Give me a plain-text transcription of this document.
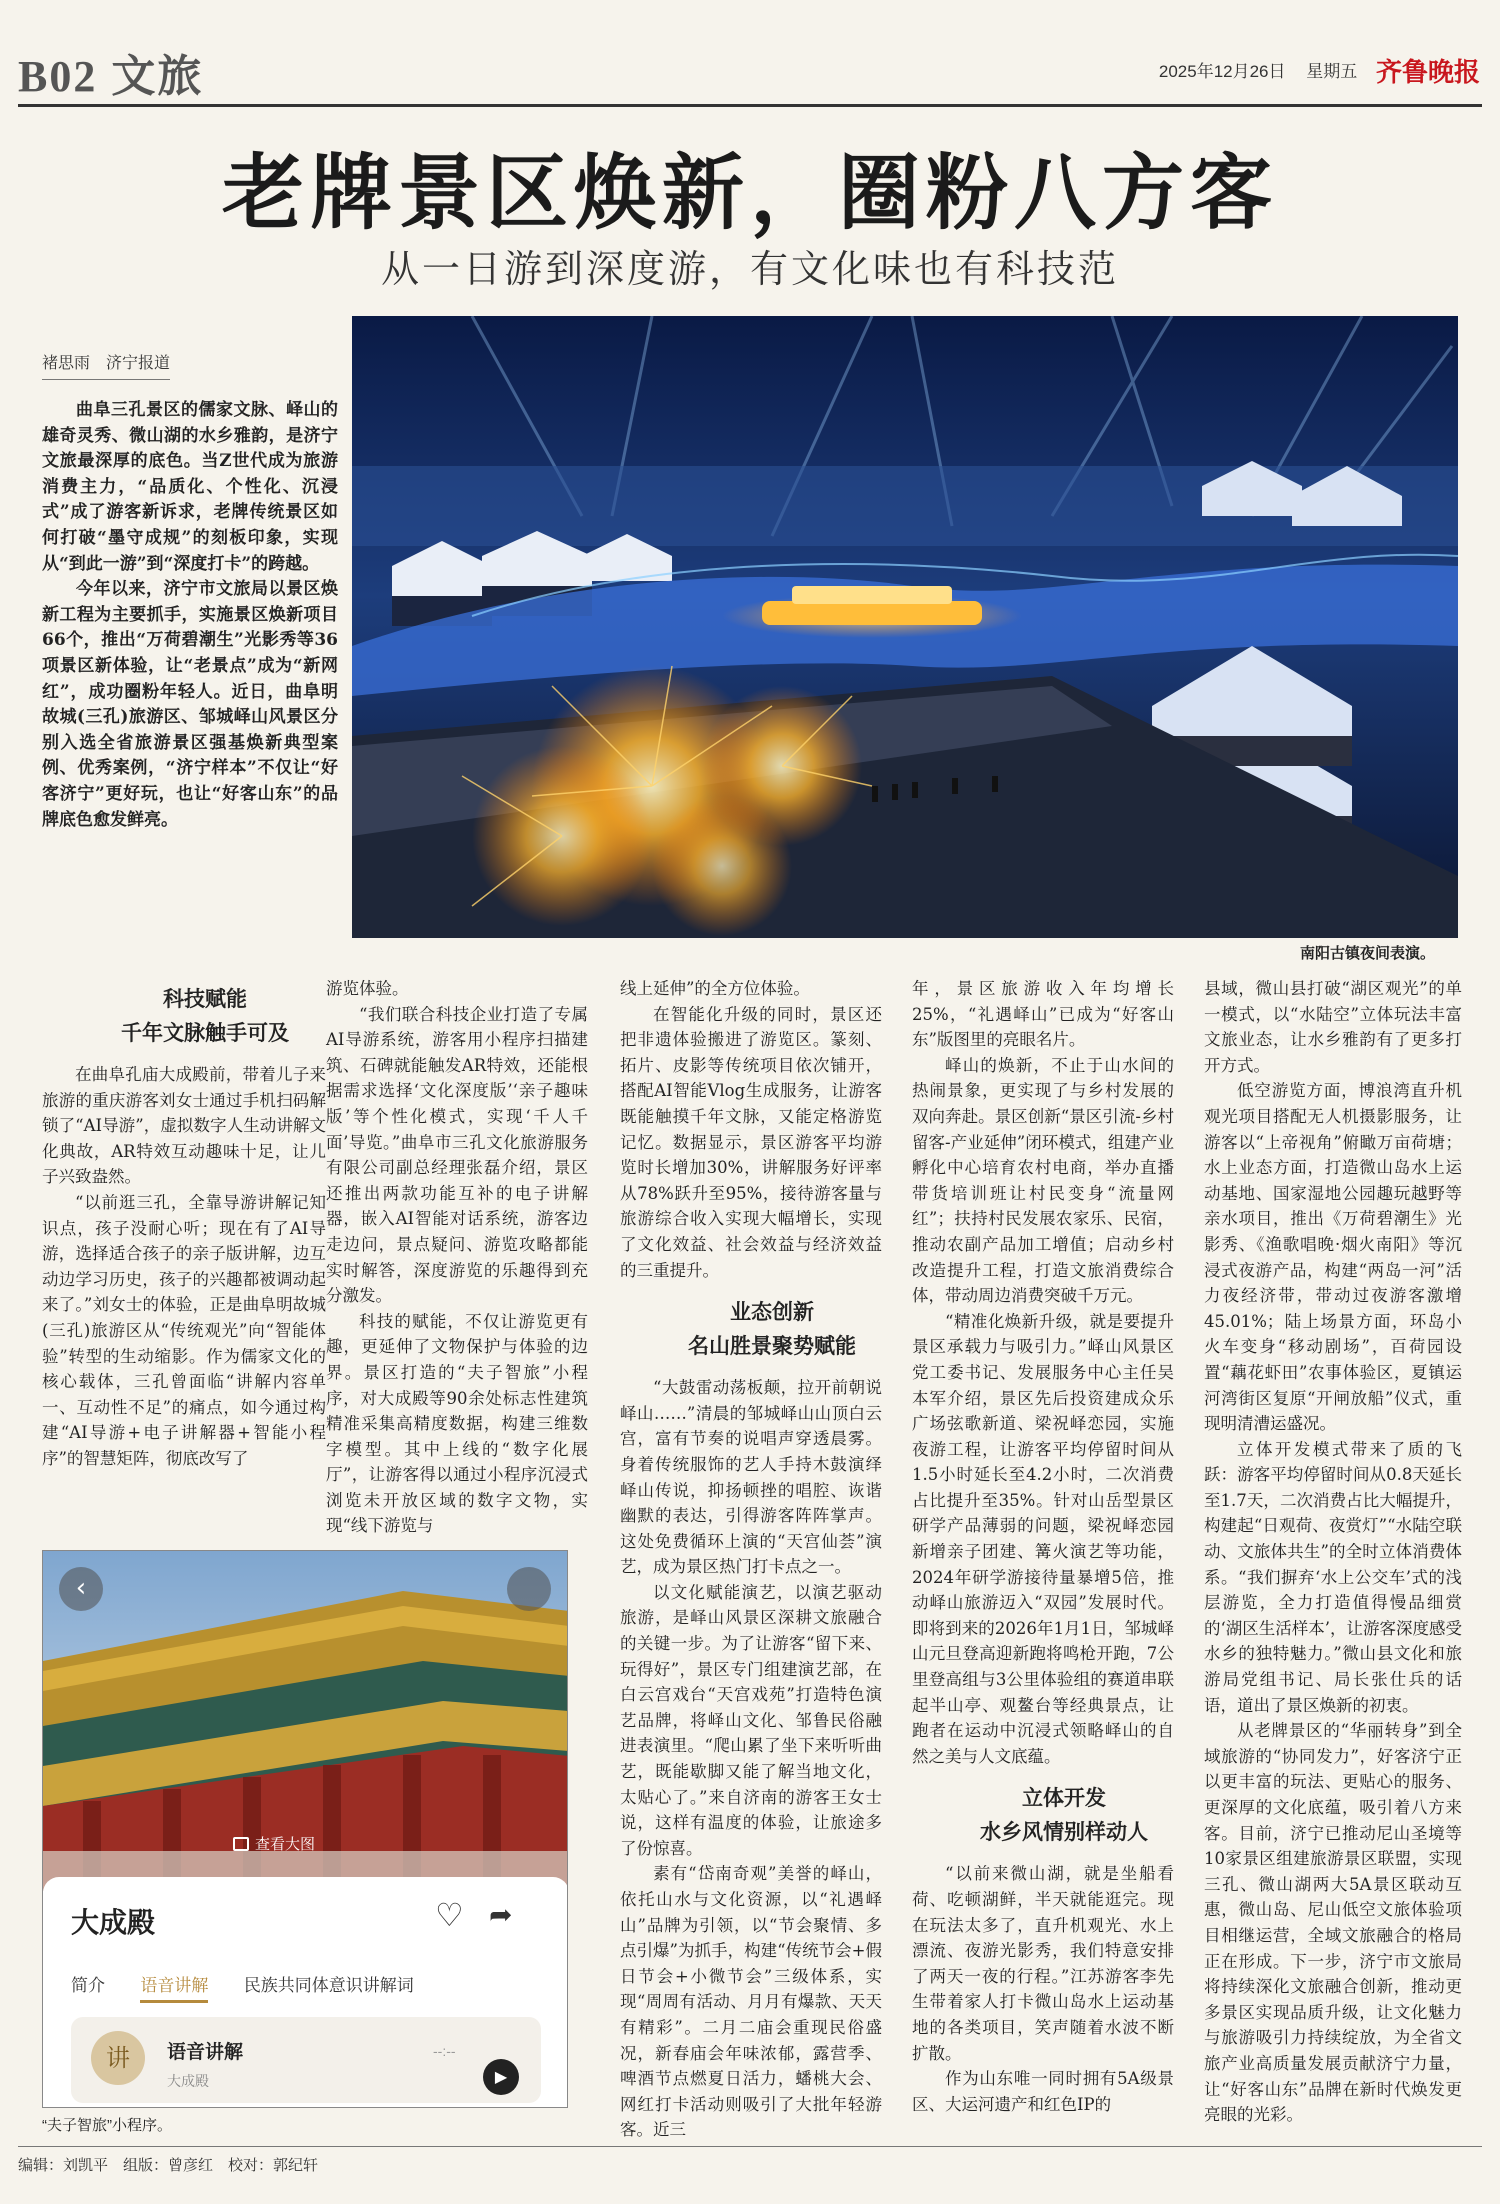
B02 文旅	2025年12月26日 星期五 齐鲁晚报
老牌景区焕新，圈粉八方客
从一日游到深度游，有文化味也有科技范
褚思雨　济宁报道

曲阜三孔景区的儒家文脉、峄山的雄奇灵秀、微山湖的水乡雅韵，是济宁文旅最深厚的底色。当Z世代成为旅游消费主力，“品质化、个性化、沉浸式”成了游客新诉求，老牌传统景区如何打破“墨守成规”的刻板印象，实现从“到此一游”到“深度打卡”的跨越。

今年以来，济宁市文旅局以景区焕新工程为主要抓手，实施景区焕新项目66个，推出“万荷碧潮生”光影秀等36项景区新体验，让“老景点”成为“新网红”，成功圈粉年轻人。近日，曲阜明故城(三孔)旅游区、邹城峄山风景区分别入选全省旅游景区强基焕新典型案例、优秀案例，“济宁样本”不仅让“好客济宁”更好玩，也让“好客山东”的品牌底色愈发鲜亮。

南阳古镇夜间表演。

科技赋能

千年文脉触手可及

在曲阜孔庙大成殿前，带着儿子来旅游的重庆游客刘女士通过手机扫码解锁了“AI导游”，虚拟数字人生动讲解文化典故，AR特效互动趣味十足，让儿子兴致盎然。

“以前逛三孔，全靠导游讲解记知识点，孩子没耐心听；现在有了AI导游，选择适合孩子的亲子版讲解，边互动边学习历史，孩子的兴趣都被调动起来了。”刘女士的体验，正是曲阜明故城(三孔)旅游区从“传统观光”向“智能体验”转型的生动缩影。作为儒家文化的核心载体，三孔曾面临“讲解内容单一、互动性不足”的痛点，如今通过构建“AI导游+电子讲解器+智能小程序”的智慧矩阵，彻底改写了

游览体验。

“我们联合科技企业打造了专属AI导游系统，游客用小程序扫描建筑、石碑就能触发AR特效，还能根据需求选择‘文化深度版’‘亲子趣味版’等个性化模式，实现‘千人千面’导览。”曲阜市三孔文化旅游服务有限公司副总经理张磊介绍，景区还推出两款功能互补的电子讲解器，嵌入AI智能对话系统，游客边走边问，景点疑问、游览攻略都能实时解答，深度游览的乐趣得到充分激发。

科技的赋能，不仅让游览更有趣，更延伸了文物保护与体验的边界。景区打造的“夫子智旅”小程序，对大成殿等90余处标志性建筑精准采集高精度数据，构建三维数字模型。其中上线的“数字化展厅”，让游客得以通过小程序沉浸式浏览未开放区域的数字文物，实现“线下游览与

线上延伸”的全方位体验。

在智能化升级的同时，景区还把非遗体验搬进了游览区。篆刻、拓片、皮影等传统项目依次铺开，搭配AI智能Vlog生成服务，让游客既能触摸千年文脉，又能定格游览记忆。数据显示，景区游客平均游览时长增加30%，讲解服务好评率从78%跃升至95%，接待游客量与旅游综合收入实现大幅增长，实现了文化效益、社会效益与经济效益的三重提升。

业态创新

名山胜景聚势赋能

“大鼓雷动荡板颠，拉开前朝说峄山……”清晨的邹城峄山山顶白云宫，富有节奏的说唱声穿透晨雾。身着传统服饰的艺人手持木鼓演绎峄山传说，抑扬顿挫的唱腔、诙谐幽默的表达，引得游客阵阵掌声。这处免费循环上演的“天宫仙荟”演艺，成为景区热门打卡点之一。

以文化赋能演艺，以演艺驱动旅游，是峄山风景区深耕文旅融合的关键一步。为了让游客“留下来、玩得好”，景区专门组建演艺部，在白云宫戏台“天宫戏苑”打造特色演艺品牌，将峄山文化、邹鲁民俗融进表演里。“爬山累了坐下来听听曲艺，既能歇脚又能了解当地文化，太贴心了。”来自济南的游客王女士说，这样有温度的体验，让旅途多了份惊喜。

素有“岱南奇观”美誉的峄山，依托山水与文化资源，以“礼遇峄山”品牌为引领，以“节会聚情、多点引爆”为抓手，构建“传统节会+假日节会+小微节会”三级体系，实现“周周有活动、月月有爆款、天天有精彩”。二月二庙会重现民俗盛况，新春庙会年味浓郁，露营季、啤酒节点燃夏日活力，蟠桃大会、网红打卡活动则吸引了大批年轻游客。近三

年，景区旅游收入年均增长25%，“礼遇峄山”已成为“好客山东”版图里的亮眼名片。

峄山的焕新，不止于山水间的热闹景象，更实现了与乡村发展的双向奔赴。景区创新“景区引流-乡村留客-产业延伸”闭环模式，组建产业孵化中心培育农村电商，举办直播带货培训班让村民变身“流量网红”；扶持村民发展农家乐、民宿，推动农副产品加工增值；启动乡村改造提升工程，打造文旅消费综合体，带动周边消费突破千万元。

“精准化焕新升级，就是要提升景区承载力与吸引力。”峄山风景区党工委书记、发展服务中心主任吴本军介绍，景区先后投资建成众乐广场弦歌新道、梁祝峄恋园，实施夜游工程，让游客平均停留时间从1.5小时延长至4.2小时，二次消费占比提升至35%。针对山岳型景区研学产品薄弱的问题，梁祝峄恋园新增亲子团建、篝火演艺等功能，2024年研学游接待量暴增5倍，推动峄山旅游迈入“双园”发展时代。即将到来的2026年1月1日，邹城峄山元旦登高迎新跑将鸣枪开跑，7公里登高组与3公里体验组的赛道串联起半山亭、观鳌台等经典景点，让跑者在运动中沉浸式领略峄山的自然之美与人文底蕴。

立体开发

水乡风情别样动人

“以前来微山湖，就是坐船看荷、吃顿湖鲜，半天就能逛完。现在玩法太多了，直升机观光、水上漂流、夜游光影秀，我们特意安排了两天一夜的行程。”江苏游客李先生带着家人打卡微山岛水上运动基地的各类项目，笑声随着水波不断扩散。

作为山东唯一同时拥有5A级景区、大运河遗产和红色IP的

县域，微山县打破“湖区观光”的单一模式，以“水陆空”立体玩法丰富文旅业态，让水乡雅韵有了更多打开方式。

低空游览方面，博浪湾直升机观光项目搭配无人机摄影服务，让游客以“上帝视角”俯瞰万亩荷塘；水上业态方面，打造微山岛水上运动基地、国家湿地公园趣玩越野等亲水项目，推出《万荷碧潮生》光影秀、《渔歌唱晚·烟火南阳》等沉浸式夜游产品，构建“两岛一河”活力夜经济带，带动过夜游客激增45.01%；陆上场景方面，环岛小火车变身“移动剧场”，百荷园设置“藕花虾田”农事体验区，夏镇运河湾街区复原“开闸放船”仪式，重现明清漕运盛况。

立体开发模式带来了质的飞跃：游客平均停留时间从0.8天延长至1.7天，二次消费占比大幅提升，构建起“日观荷、夜赏灯”“水陆空联动、文旅体共生”的全时立体消费体系。“我们摒弃‘水上公交车’式的浅层游览，全力打造值得慢品细赏的‘湖区生活样本’，让游客深度感受水乡的独特魅力。”微山县文化和旅游局党组书记、局长张仕兵的话语，道出了景区焕新的初衷。

从老牌景区的“华丽转身”到全域旅游的“协同发力”，好客济宁正以更丰富的玩法、更贴心的服务、更深厚的文化底蕴，吸引着八方来客。目前，济宁已推动尼山圣境等10家景区组建旅游景区联盟，实现三孔、微山湖两大5A景区联动互惠，微山岛、尼山低空文旅体验项目相继运营，全域文旅融合的格局正在形成。下一步，济宁市文旅局将持续深化文旅融合创新，推动更多景区实现品质升级，让文化魅力与旅游吸引力持续绽放，为全省文旅产业高质量发展贡献济宁力量，让“好客山东”品牌在新时代焕发更亮眼的光彩。

‹
查看大图
大成殿	♡ ➦
简介 语音讲解 民族共同体意识讲解词
讲	语音讲解
大成殿
--:--
▶
“夫子智旅”小程序。
编辑：刘凯平　组版：曾彦红　校对：郭纪轩
